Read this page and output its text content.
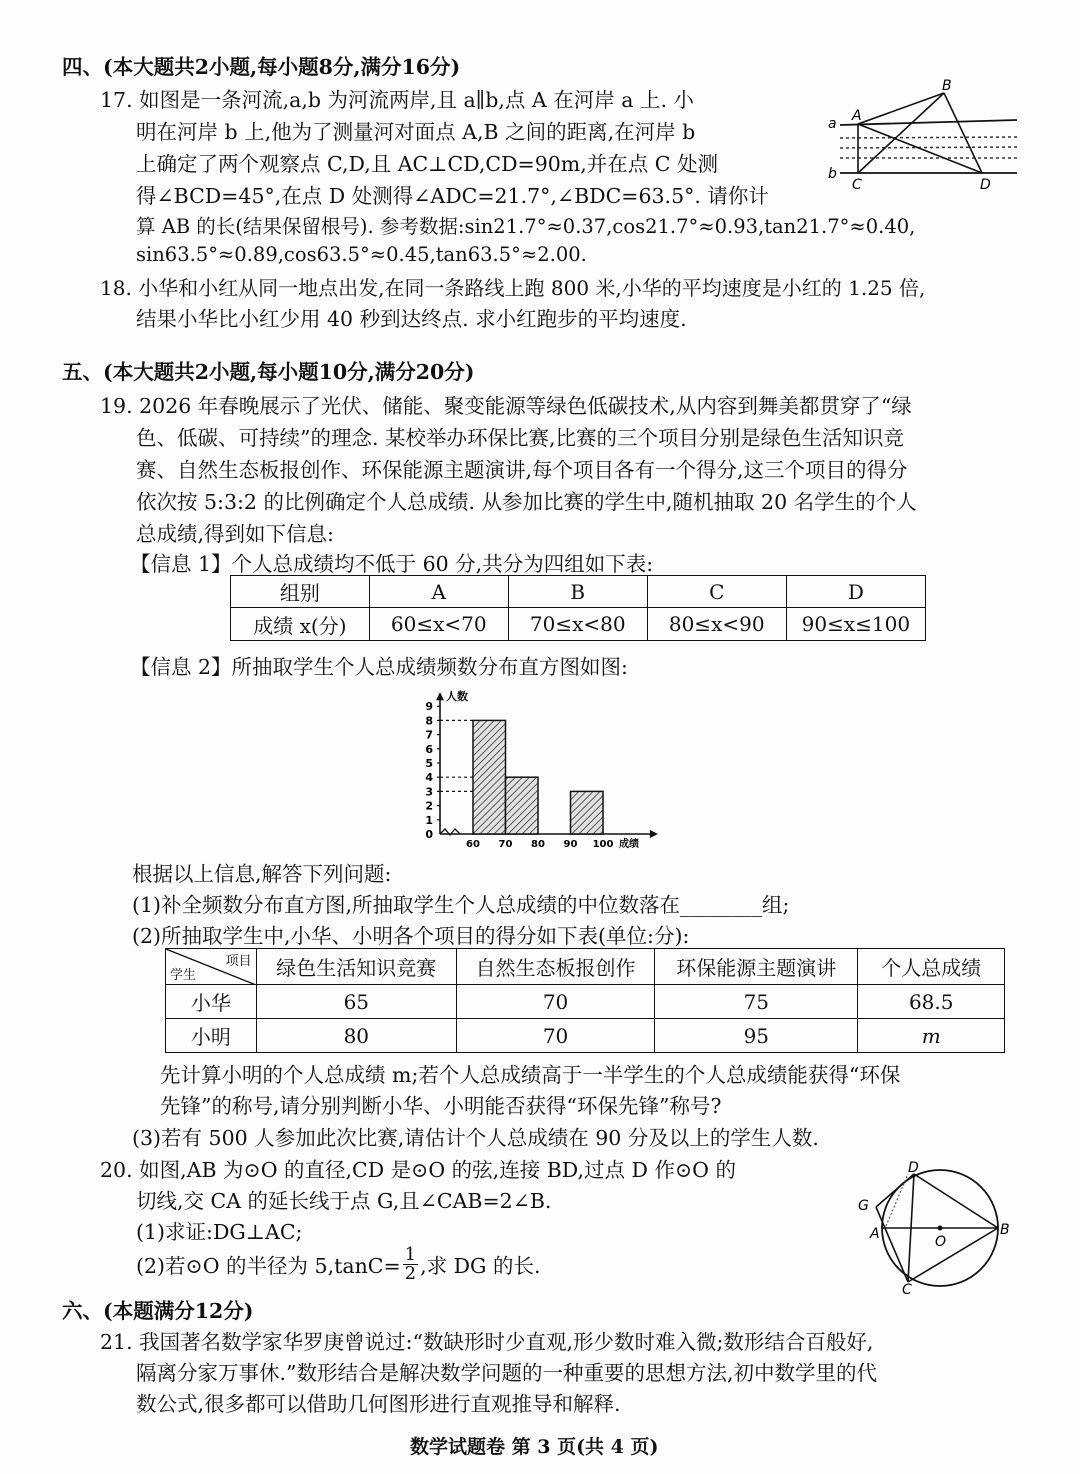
四、(本大题共2小题,每小题8分,满分16分)
17. 如图是一条河流,a,b 为河流两岸,且 a∥b,点 A 在河岸 a 上. 小
明在河岸 b 上,他为了测量河对面点 A,B 之间的距离,在河岸 b
上确定了两个观察点 C,D,且 AC⊥CD,CD=90m,并在点 C 处测
得∠BCD=45°,在点 D 处测得∠ADC=21.7°,∠BDC=63.5°. 请你计
算 AB 的长(结果保留根号). 参考数据:sin21.7°≈0.37,cos21.7°≈0.93,tan21.7°≈0.40,
sin63.5°≈0.89,cos63.5°≈0.45,tan63.5°≈2.00.
a
b
A
B
C	D
18. 小华和小红从同一地点出发,在同一条路线上跑 800 米,小华的平均速度是小红的 1.25 倍,
结果小华比小红少用 40 秒到达终点. 求小红跑步的平均速度.
五、(本大题共2小题,每小题10分,满分20分)
19. 2026 年春晚展示了光伏、储能、聚变能源等绿色低碳技术,从内容到舞美都贯穿了“绿
色、低碳、可持续”的理念. 某校举办环保比赛,比赛的三个项目分别是绿色生活知识竞
赛、自然生态板报创作、环保能源主题演讲,每个项目各有一个得分,这三个项目的得分
依次按 5:3:2 的比例确定个人总成绩. 从参加比赛的学生中,随机抽取 20 名学生的个人
总成绩,得到如下信息:
【信息 1】个人总成绩均不低于 60 分,共分为四组如下表:
组别	A	B	C	D
成绩 x(分)	60≤x<70	70≤x<80	80≤x<90	90≤x≤100
【信息 2】所抽取学生个人总成绩频数分布直方图如图:
人数
成绩
0
1
2
3
4
5
6
7
8
9
60 70 80 90 100
根据以上信息,解答下列问题:
(1)补全频数分布直方图,所抽取学生个人总成绩的中位数落在________组;
(2)所抽取学生中,小华、小明各个项目的得分如下表(单位:分):
项目
学生	绿色生活知识竞赛	自然生态板报创作	环保能源主题演讲	个人总成绩
小华	65	70	75	68.5
小明	80	70	95	m
先计算小明的个人总成绩 m;若个人总成绩高于一半学生的个人总成绩能获得“环保
先锋”的称号,请分别判断小华、小明能否获得“环保先锋”称号?
(3)若有 500 人参加此次比赛,请估计个人总成绩在 90 分及以上的学生人数.
20. 如图,AB 为⊙O 的直径,CD 是⊙O 的弦,连接 BD,过点 D 作⊙O 的
切线,交 CA 的延长线于点 G,且∠CAB=2∠B.
(1)求证:DG⊥AC;
(2)若⊙O 的半径为 $5,\tan C= \frac{1}{2}$ ,求 DG 的长.
D
G
A	O
B
C
六、(本题满分12分)
21. 我国著名数学家华罗庚曾说过:“数缺形时少直观,形少数时难入微;数形结合百般好,
隔离分家万事休.”数形结合是解决数学问题的一种重要的思想方法,初中数学里的代
数公式,很多都可以借助几何图形进行直观推导和解释.
数学试题卷 第 3 页(共 4 页)
